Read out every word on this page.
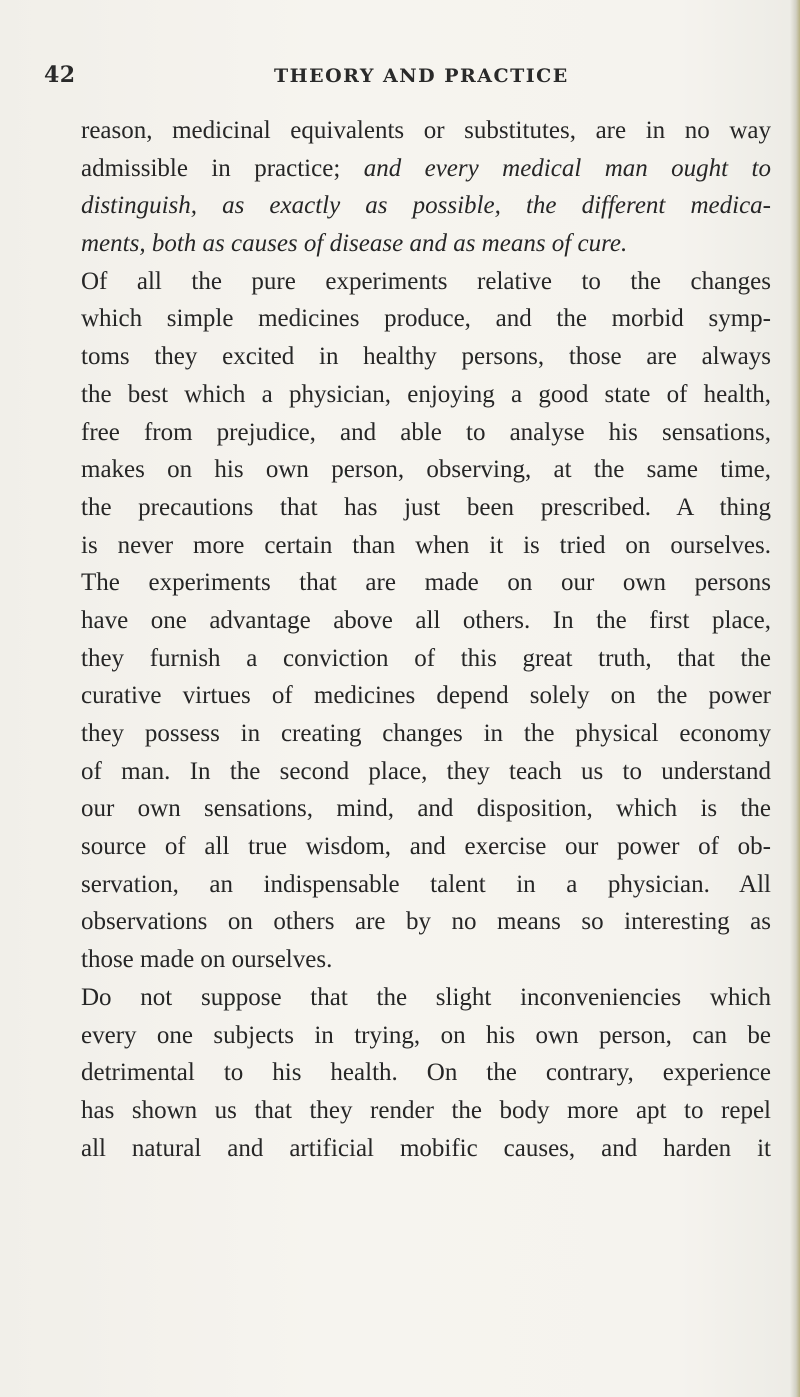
42	THEORY AND PRACTICE
reason, medicinal equivalents or substitutes, are in no way
admissible in practice; and every medical man ought to
distinguish, as exactly as possible, the different medica-
ments, both as causes of disease and as means of cure.
Of all the pure experiments relative to the changes
which simple medicines produce, and the morbid symp-
toms they excited in healthy persons, those are always
the best which a physician, enjoying a good state of health,
free from prejudice, and able to analyse his sensations,
makes on his own person, observing, at the same time,
the precautions that has just been prescribed. A thing
is never more certain than when it is tried on ourselves.
The experiments that are made on our own persons
have one advantage above all others. In the first place,
they furnish a conviction of this great truth, that the
curative virtues of medicines depend solely on the power
they possess in creating changes in the physical economy
of man. In the second place, they teach us to understand
our own sensations, mind, and disposition, which is the
source of all true wisdom, and exercise our power of ob-
servation, an indispensable talent in a physician. All
observations on others are by no means so interesting as
those made on ourselves.
Do not suppose that the slight inconveniencies which
every one subjects in trying, on his own person, can be
detrimental to his health. On the contrary, experience
has shown us that they render the body more apt to repel
all natural and artificial mobific causes, and harden it
